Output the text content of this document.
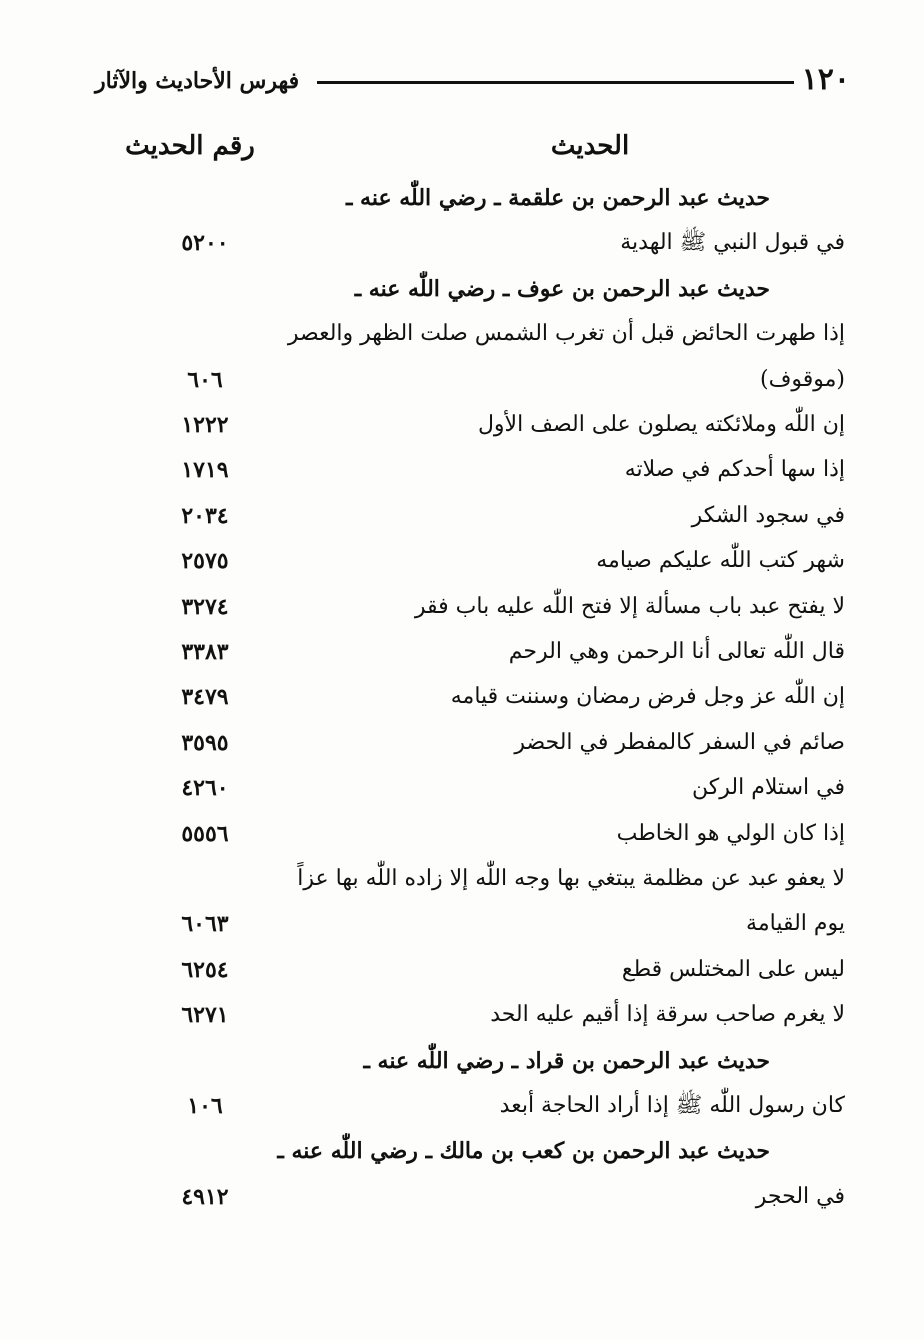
١٢٠
فهرس الأحاديث والآثار
الحديث
رقم الحديث
حديث عبد الرحمن بن علقمة ـ رضي اللّٰه عنه ـ
في قبول النبي ﷺ الهدية
٥٢٠٠
حديث عبد الرحمن بن عوف ـ رضي اللّٰه عنه ـ
إذا طهرت الحائض قبل أن تغرب الشمس صلت الظهر والعصر
(موقوف)
٦٠٦
إن اللّٰه وملائكته يصلون على الصف الأول
١٢٢٢
إذا سها أحدكم في صلاته
١٧١٩
في سجود الشكر
٢٠٣٤
شهر كتب اللّٰه عليكم صيامه
٢٥٧٥
لا يفتح عبد باب مسألة إلا فتح اللّٰه عليه باب فقر
٣٢٧٤
قال اللّٰه تعالى أنا الرحمن وهي الرحم
٣٣٨٣
إن اللّٰه عز وجل فرض رمضان وسننت قيامه
٣٤٧٩
صائم في السفر كالمفطر في الحضر
٣٥٩٥
في استلام الركن
٤٢٦٠
إذا كان الولي هو الخاطب
٥٥٥٦
لا يعفو عبد عن مظلمة يبتغي بها وجه اللّٰه إلا زاده اللّٰه بها عزاً
يوم القيامة
٦٠٦٣
ليس على المختلس قطع
٦٢٥٤
لا يغرم صاحب سرقة إذا أقيم عليه الحد
٦٢٧١
حديث عبد الرحمن بن قراد ـ رضي اللّٰه عنه ـ
كان رسول اللّٰه ﷺ إذا أراد الحاجة أبعد
١٠٦
حديث عبد الرحمن بن كعب بن مالك ـ رضي اللّٰه عنه ـ
في الحجر
٤٩١٢
